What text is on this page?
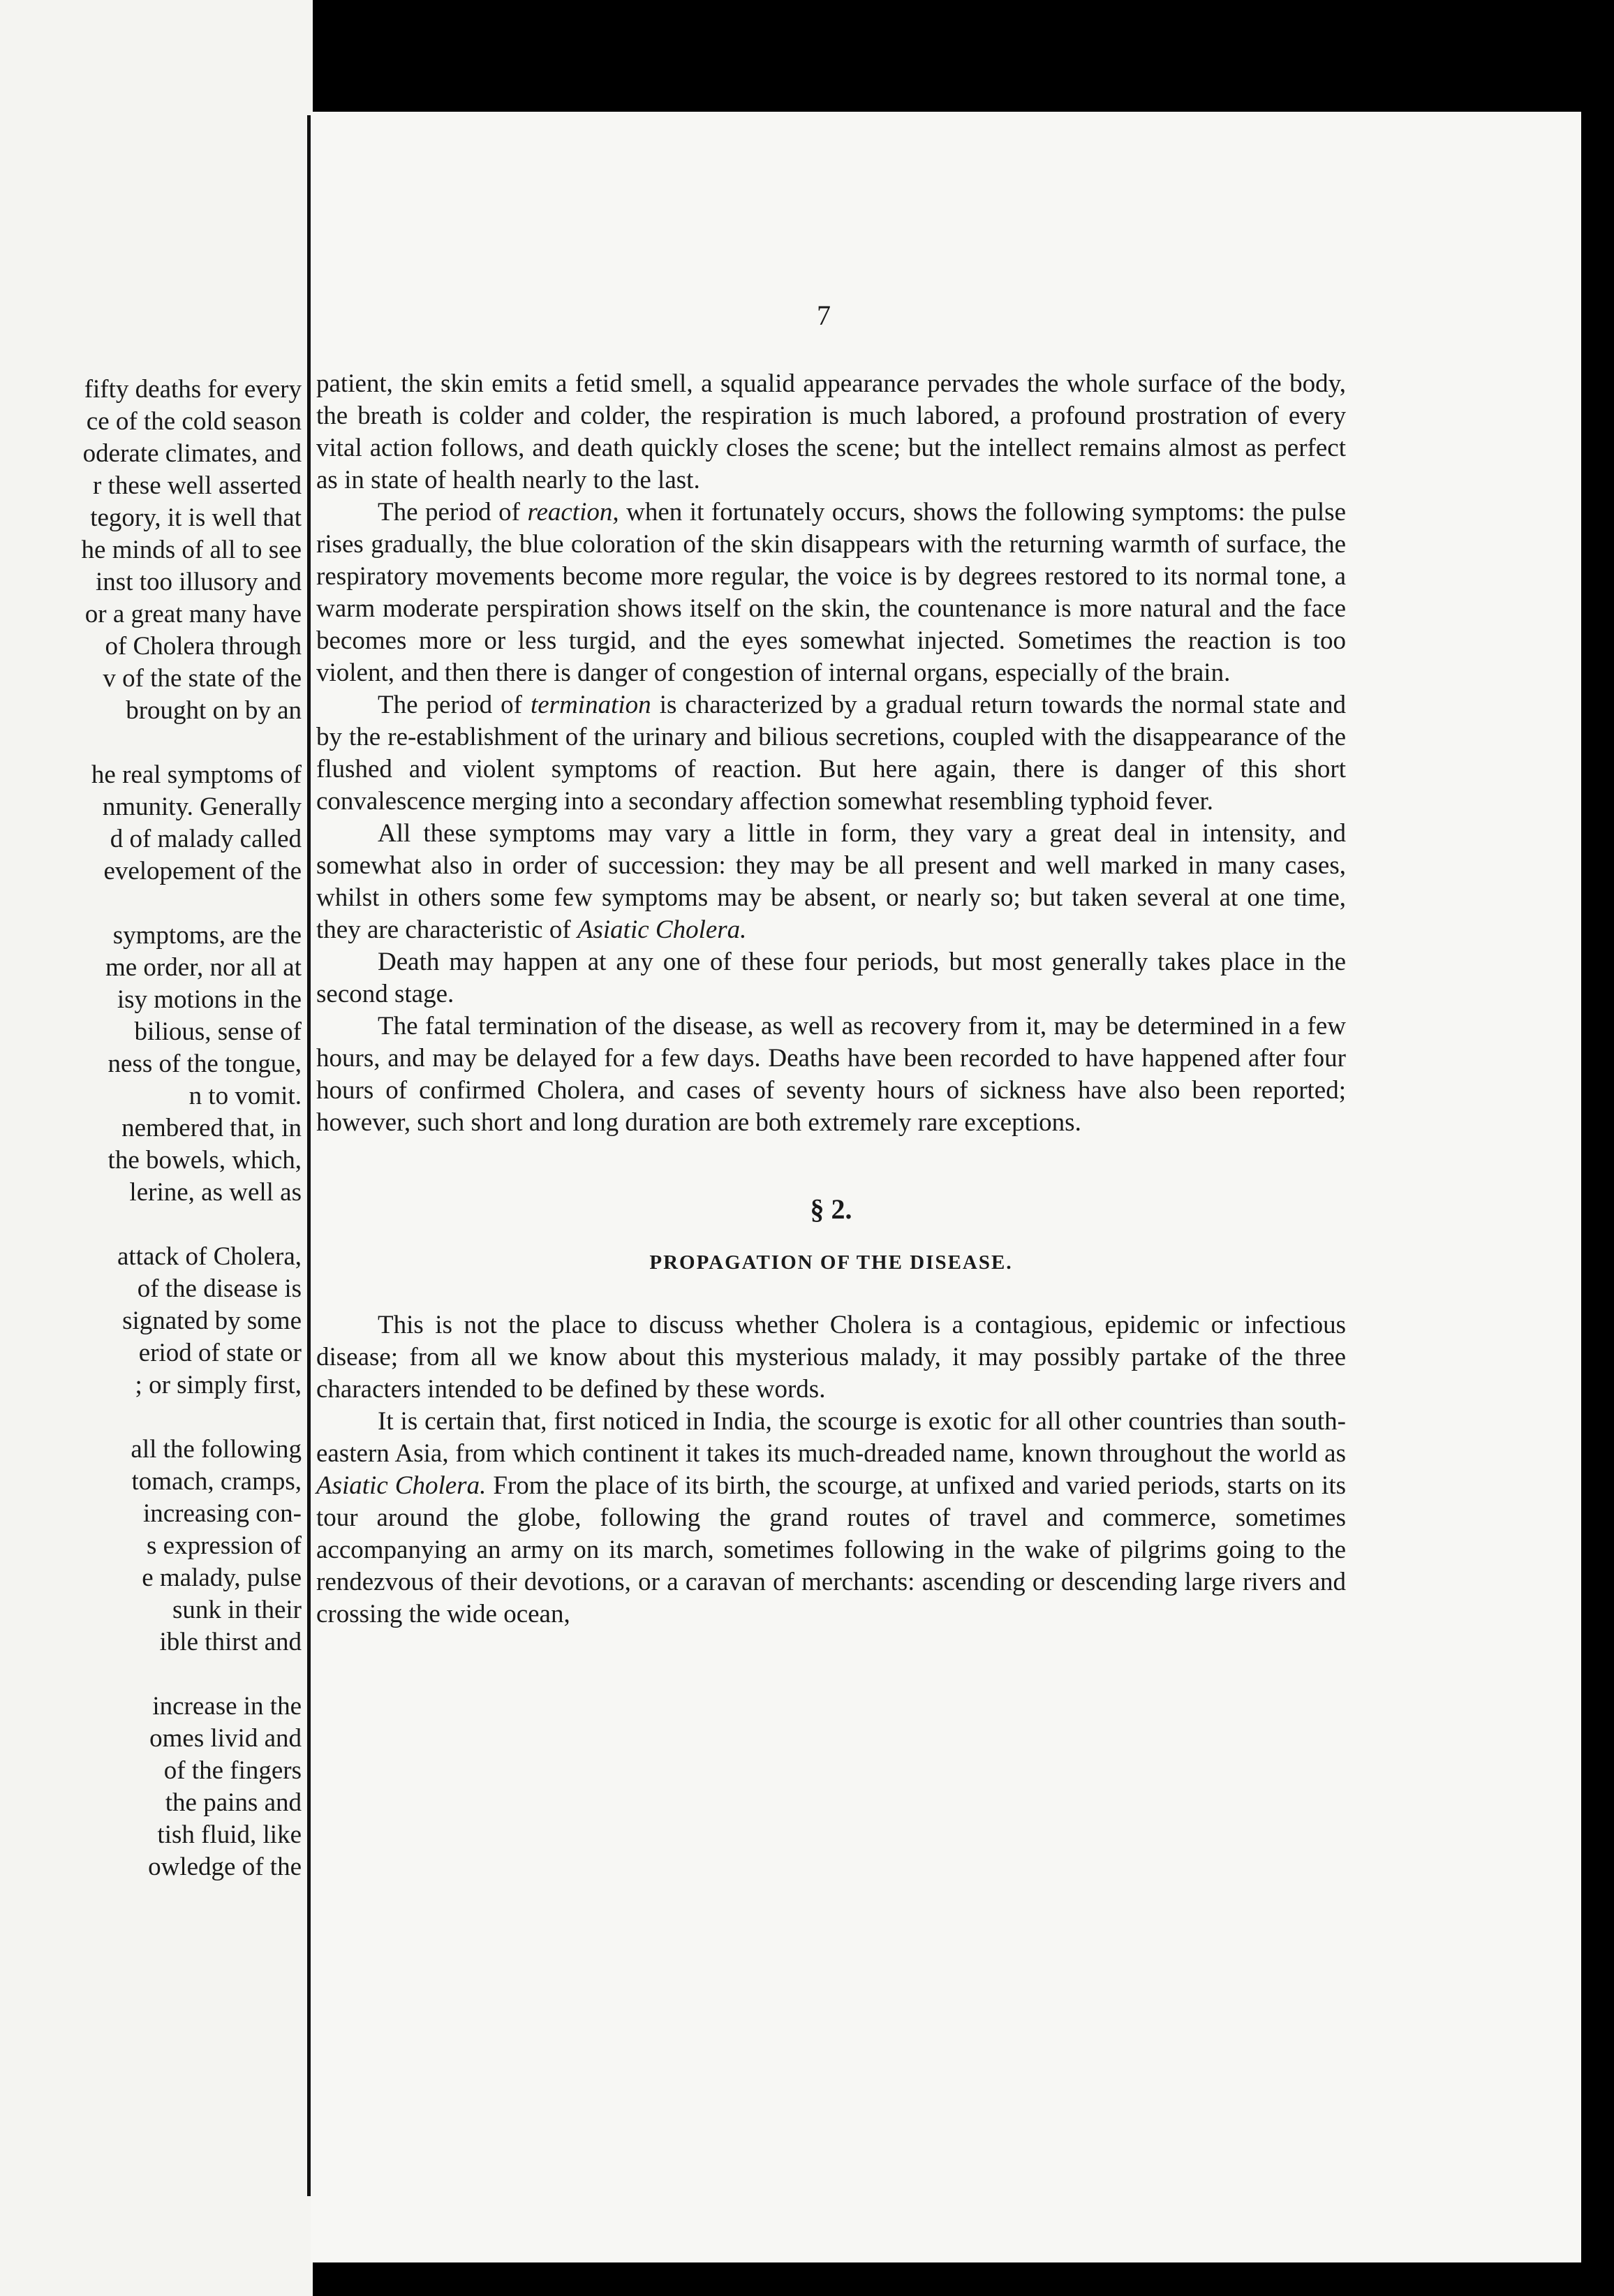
fifty deaths for every
ce of the cold season
oderate climates, and
r these well asserted
tegory, it is well that
he minds of all to see
inst too illusory and
or a great many have
of Cholera through
v of the state of the
brought on by an
he real symptoms of
nmunity. Generally
d of malady called
evelopement of the
symptoms, are the
me order, nor all at
isy motions in the
bilious, sense of
ness of the tongue,
n to vomit.
nembered that, in
the bowels, which,
lerine, as well as
attack of Cholera,
of the disease is
signated by some
eriod of state or
; or simply first,
all the following
tomach, cramps,
increasing con-
s expression of
e malady, pulse
sunk in their
ible thirst and
increase in the
omes livid and
of the fingers
the pains and
tish fluid, like
owledge of the
7

patient, the skin emits a fetid smell, a squalid appearance pervades the whole surface of the body, the breath is colder and colder, the respiration is much labored, a profound prostration of every vital action follows, and death quickly closes the scene; but the intellect remains almost as perfect as in state of health nearly to the last.

The period of reaction, when it fortunately occurs, shows the following symptoms: the pulse rises gradually, the blue coloration of the skin disappears with the returning warmth of surface, the respiratory movements become more regular, the voice is by degrees restored to its normal tone, a warm moderate perspiration shows itself on the skin, the countenance is more natural and the face becomes more or less turgid, and the eyes somewhat injected. Sometimes the reaction is too violent, and then there is danger of congestion of internal organs, especially of the brain.

The period of termination is characterized by a gradual return towards the normal state and by the re-establishment of the urinary and bilious secretions, coupled with the disappearance of the flushed and violent symptoms of reaction. But here again, there is danger of this short convalescence merging into a secondary affection somewhat resembling typhoid fever.

All these symptoms may vary a little in form, they vary a great deal in intensity, and somewhat also in order of succession: they may be all present and well marked in many cases, whilst in others some few symptoms may be absent, or nearly so; but taken several at one time, they are characteristic of Asiatic Cholera.

Death may happen at any one of these four periods, but most generally takes place in the second stage.

The fatal termination of the disease, as well as recovery from it, may be determined in a few hours, and may be delayed for a few days. Deaths have been recorded to have happened after four hours of confirmed Cholera, and cases of seventy hours of sickness have also been reported; however, such short and long duration are both extremely rare exceptions.

§ 2.
PROPAGATION OF THE DISEASE.

This is not the place to discuss whether Cholera is a contagious, epidemic or infectious disease; from all we know about this mysterious malady, it may possibly partake of the three characters intended to be defined by these words.

It is certain that, first noticed in India, the scourge is exotic for all other countries than south-eastern Asia, from which continent it takes its much-dreaded name, known throughout the world as Asiatic Cholera. From the place of its birth, the scourge, at unfixed and varied periods, starts on its tour around the globe, following the grand routes of travel and commerce, sometimes accompanying an army on its march, sometimes following in the wake of pilgrims going to the rendezvous of their devotions, or a caravan of merchants: ascending or descending large rivers and crossing the wide ocean,
